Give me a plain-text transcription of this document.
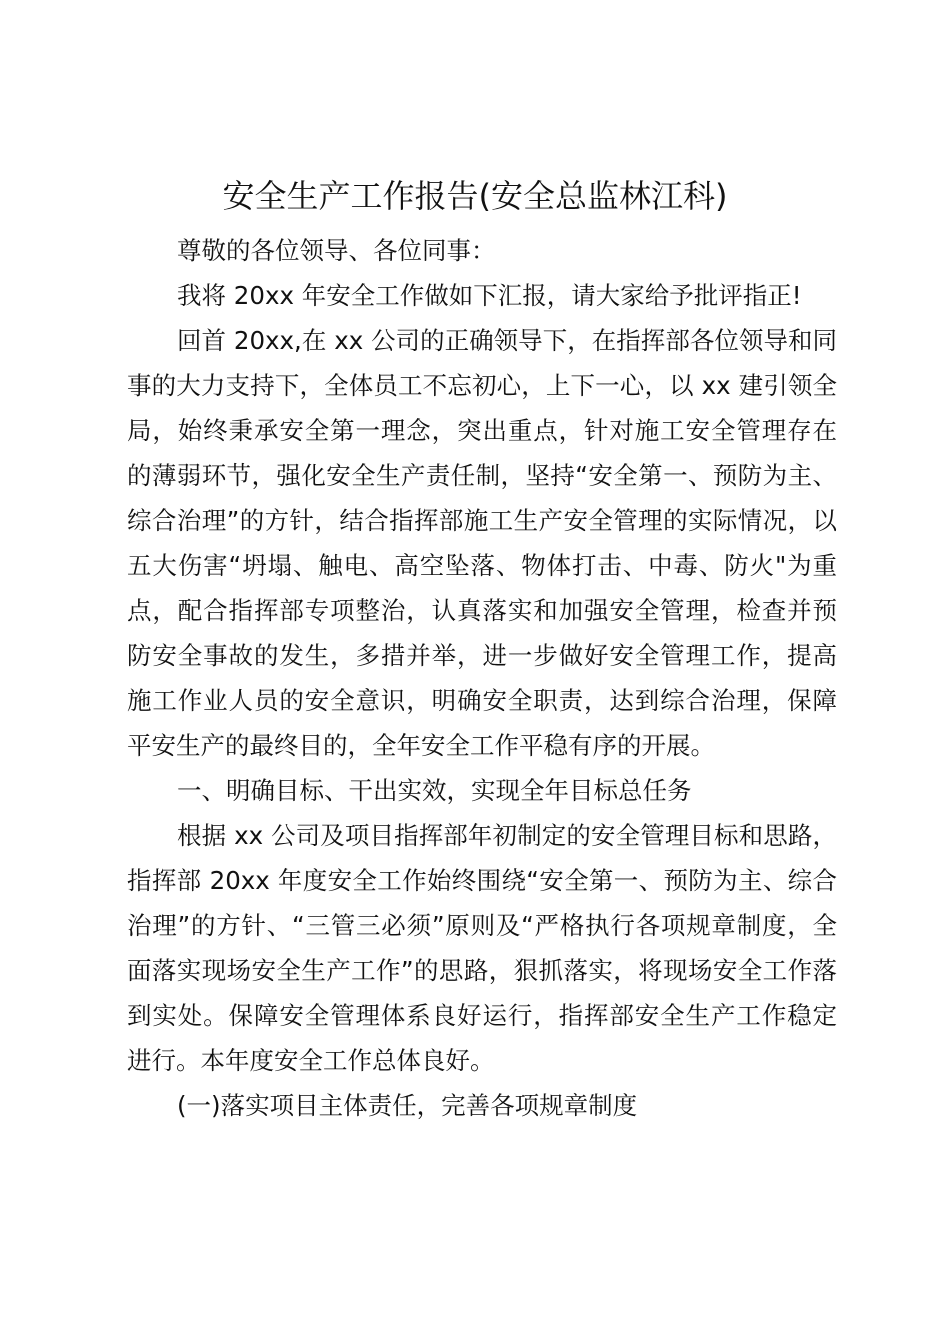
安全生产工作报告(安全总监林江科)

尊敬的各位领导、各位同事：

我将 20xx 年安全工作做如下汇报，请大家给予批评指正!

回首 20xx,在 xx 公司的正确领导下，在指挥部各位领导和同事的大力支持下，全体员工不忘初心，上下一心，以 xx 建引领全局，始终秉承安全第一理念，突出重点，针对施工安全管理存在的薄弱环节，强化安全生产责任制，坚持“安全第一、预防为主、综合治理”的方针，结合指挥部施工生产安全管理的实际情况，以五大伤害“坍塌、触电、高空坠落、物体打击、中毒、防火"为重点，配合指挥部专项整治，认真落实和加强安全管理，检查并预防安全事故的发生，多措并举，进一步做好安全管理工作，提高施工作业人员的安全意识，明确安全职责，达到综合治理，保障平安生产的最终目的，全年安全工作平稳有序的开展。

一、明确目标、干出实效，实现全年目标总任务

根据 xx 公司及项目指挥部年初制定的安全管理目标和思路，指挥部 20xx 年度安全工作始终围绕“安全第一、预防为主、综合治理”的方针、“三管三必须”原则及“严格执行各项规章制度，全面落实现场安全生产工作”的思路，狠抓落实，将现场安全工作落到实处。保障安全管理体系良好运行，指挥部安全生产工作稳定进行。本年度安全工作总体良好。

(一)落实项目主体责任，完善各项规章制度
